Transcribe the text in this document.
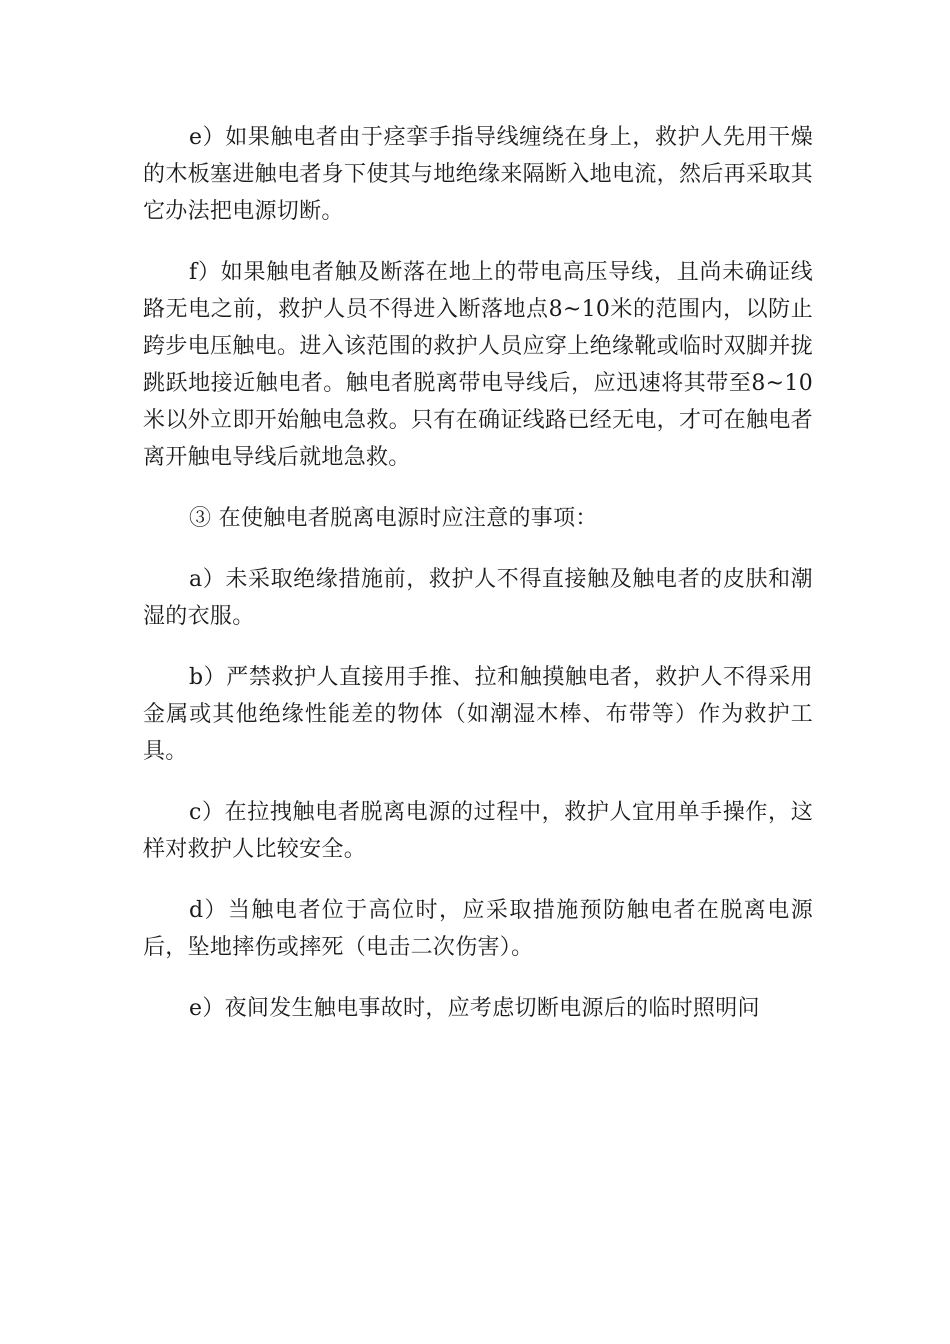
e）如果触电者由于痉挛手指导线缠绕在身上，救护人先用干燥的木板塞进触电者身下使其与地绝缘来隔断入地电流，然后再采取其它办法把电源切断。

f）如果触电者触及断落在地上的带电高压导线，且尚未确证线路无电之前，救护人员不得进入断落地点8~10米的范围内，以防止跨步电压触电。进入该范围的救护人员应穿上绝缘靴或临时双脚并拢跳跃地接近触电者。触电者脱离带电导线后，应迅速将其带至8~10米以外立即开始触电急救。只有在确证线路已经无电，才可在触电者离开触电导线后就地急救。

③ 在使触电者脱离电源时应注意的事项：

a）未采取绝缘措施前，救护人不得直接触及触电者的皮肤和潮湿的衣服。

b）严禁救护人直接用手推、拉和触摸触电者，救护人不得采用金属或其他绝缘性能差的物体（如潮湿木棒、布带等）作为救护工具。

c）在拉拽触电者脱离电源的过程中，救护人宜用单手操作，这样对救护人比较安全。

d）当触电者位于高位时，应采取措施预防触电者在脱离电源后，坠地摔伤或摔死（电击二次伤害）。

e）夜间发生触电事故时，应考虑切断电源后的临时照明问
